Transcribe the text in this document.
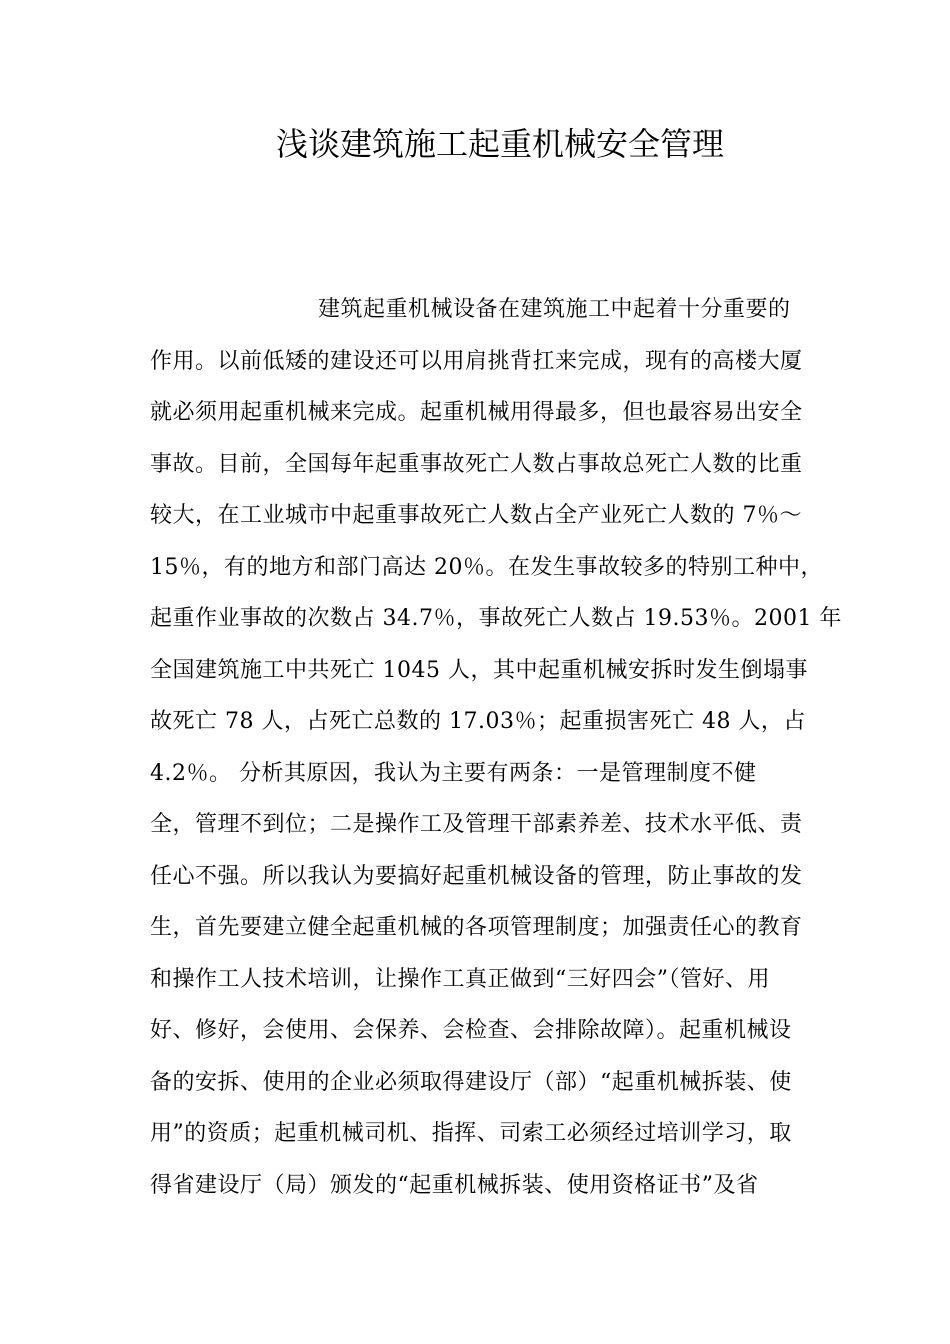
浅谈建筑施工起重机械安全管理
建筑起重机械设备在建筑施工中起着十分重要的
作用。以前低矮的建设还可以用肩挑背扛来完成，现有的高楼大厦
就必须用起重机械来完成。起重机械用得最多，但也最容易出安全
事故。目前，全国每年起重事故死亡人数占事故总死亡人数的比重
较大，在工业城市中起重事故死亡人数占全产业死亡人数的 7％～
15％，有的地方和部门高达 20％。在发生事故较多的特别工种中，
起重作业事故的次数占 34.7％，事故死亡人数占 19.53％。2001 年
全国建筑施工中共死亡 1045 人，其中起重机械安拆时发生倒塌事
故死亡 78 人，占死亡总数的 17.03％；起重损害死亡 48 人，占
4.2％。 分析其原因，我认为主要有两条：一是管理制度不健
全，管理不到位；二是操作工及管理干部素养差、技术水平低、责
任心不强。所以我认为要搞好起重机械设备的管理，防止事故的发
生，首先要建立健全起重机械的各项管理制度；加强责任心的教育
和操作工人技术培训，让操作工真正做到“三好四会”（管好、用
好、修好，会使用、会保养、会检查、会排除故障）。起重机械设
备的安拆、使用的企业必须取得建设厅（部）“起重机械拆装、使
用”的资质；起重机械司机、指挥、司索工必须经过培训学习，取
得省建设厅（局）颁发的“起重机械拆装、使用资格证书”及省
